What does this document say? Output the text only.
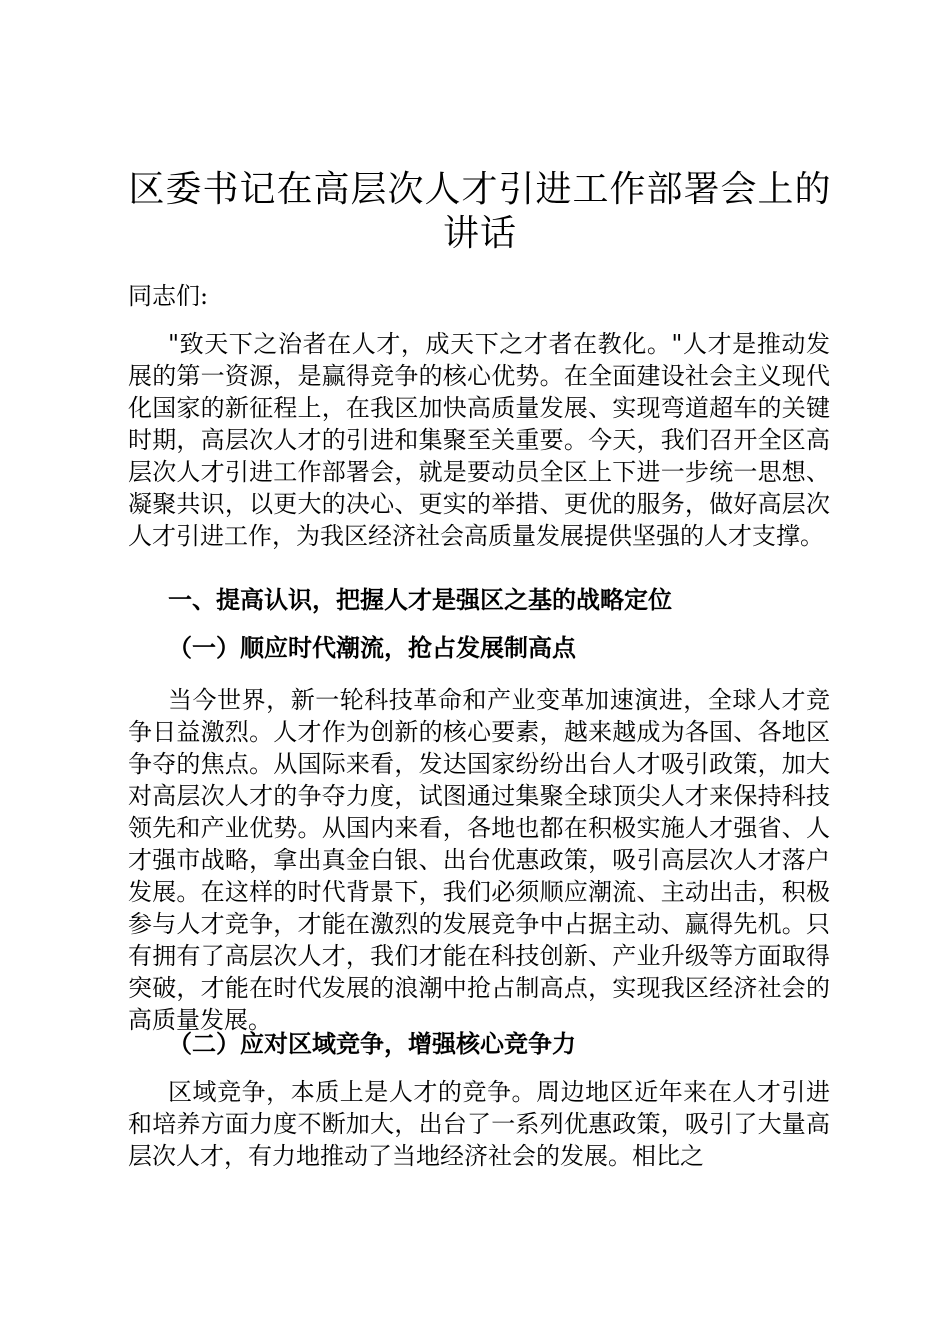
区委书记在高层次人才引进工作部署会上的讲话

同志们:

"致天下之治者在人才，成天下之才者在教化。"人才是推动发展的第一资源，是赢得竞争的核心优势。在全面建设社会主义现代化国家的新征程上，在我区加快高质量发展、实现弯道超车的关键时期，高层次人才的引进和集聚至关重要。今天，我们召开全区高层次人才引进工作部署会，就是要动员全区上下进一步统一思想、凝聚共识，以更大的决心、更实的举措、更优的服务，做好高层次人才引进工作，为我区经济社会高质量发展提供坚强的人才支撑。

一、提高认识，把握人才是强区之基的战略定位

（一）顺应时代潮流，抢占发展制高点

当今世界，新一轮科技革命和产业变革加速演进，全球人才竞争日益激烈。人才作为创新的核心要素，越来越成为各国、各地区争夺的焦点。从国际来看，发达国家纷纷出台人才吸引政策，加大对高层次人才的争夺力度，试图通过集聚全球顶尖人才来保持科技领先和产业优势。从国内来看，各地也都在积极实施人才强省、人才强市战略，拿出真金白银、出台优惠政策，吸引高层次人才落户发展。在这样的时代背景下，我们必须顺应潮流、主动出击，积极参与人才竞争，才能在激烈的发展竞争中占据主动、赢得先机。只有拥有了高层次人才，我们才能在科技创新、产业升级等方面取得突破，才能在时代发展的浪潮中抢占制高点，实现我区经济社会的高质量发展。

（二）应对区域竞争，增强核心竞争力

区域竞争，本质上是人才的竞争。周边地区近年来在人才引进和培养方面力度不断加大，出台了一系列优惠政策，吸引了大量高层次人才，有力地推动了当地经济社会的发展。相比之
